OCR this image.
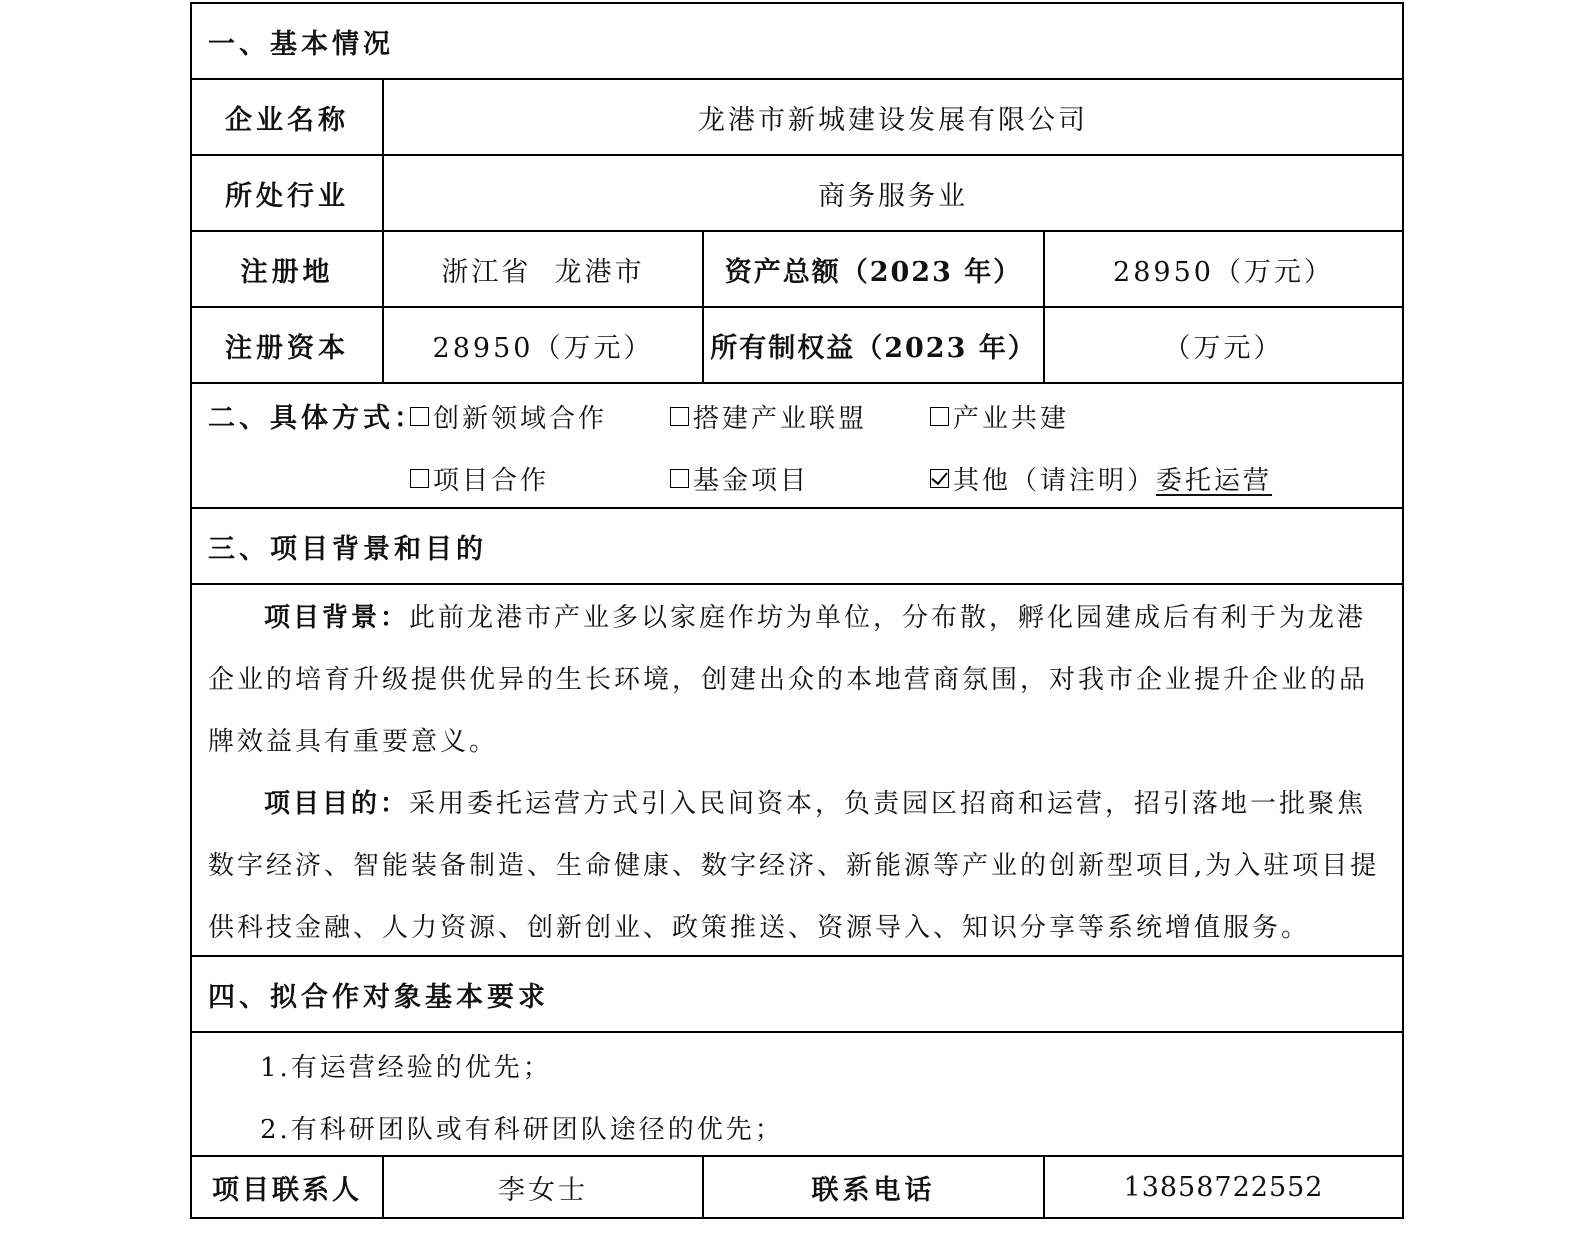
一、基本情况
企业名称	龙港市新城建设发展有限公司
所处行业	商务服务业
注册地	浙江省  龙港市	资产总额（2023 年）	28950（万元）
注册资本	28950（万元）	所有制权益（2023 年）	（万元）
二、具体方式： 创新领域合作	搭建产业联盟	产业共建
项目合作	基金项目	其他（请注明） 委托运营
三、项目背景和目的

项目背景：此前龙港市产业多以家庭作坊为单位，分布散，孵化园建成后有利于为龙港企业的培育升级提供优异的生长环境，创建出众的本地营商氛围，对我市企业提升企业的品牌效益具有重要意义。

项目目的：采用委托运营方式引入民间资本，负责园区招商和运营，招引落地一批聚焦数字经济、智能装备制造、生命健康、数字经济、新能源等产业的创新型项目,为入驻项目提供科技金融、人力资源、创新创业、政策推送、资源导入、知识分享等系统增值服务。

四、拟合作对象基本要求
1.有运营经验的优先；
2.有科研团队或有科研团队途径的优先；
项目联系人	李女士	联系电话	13858722552
